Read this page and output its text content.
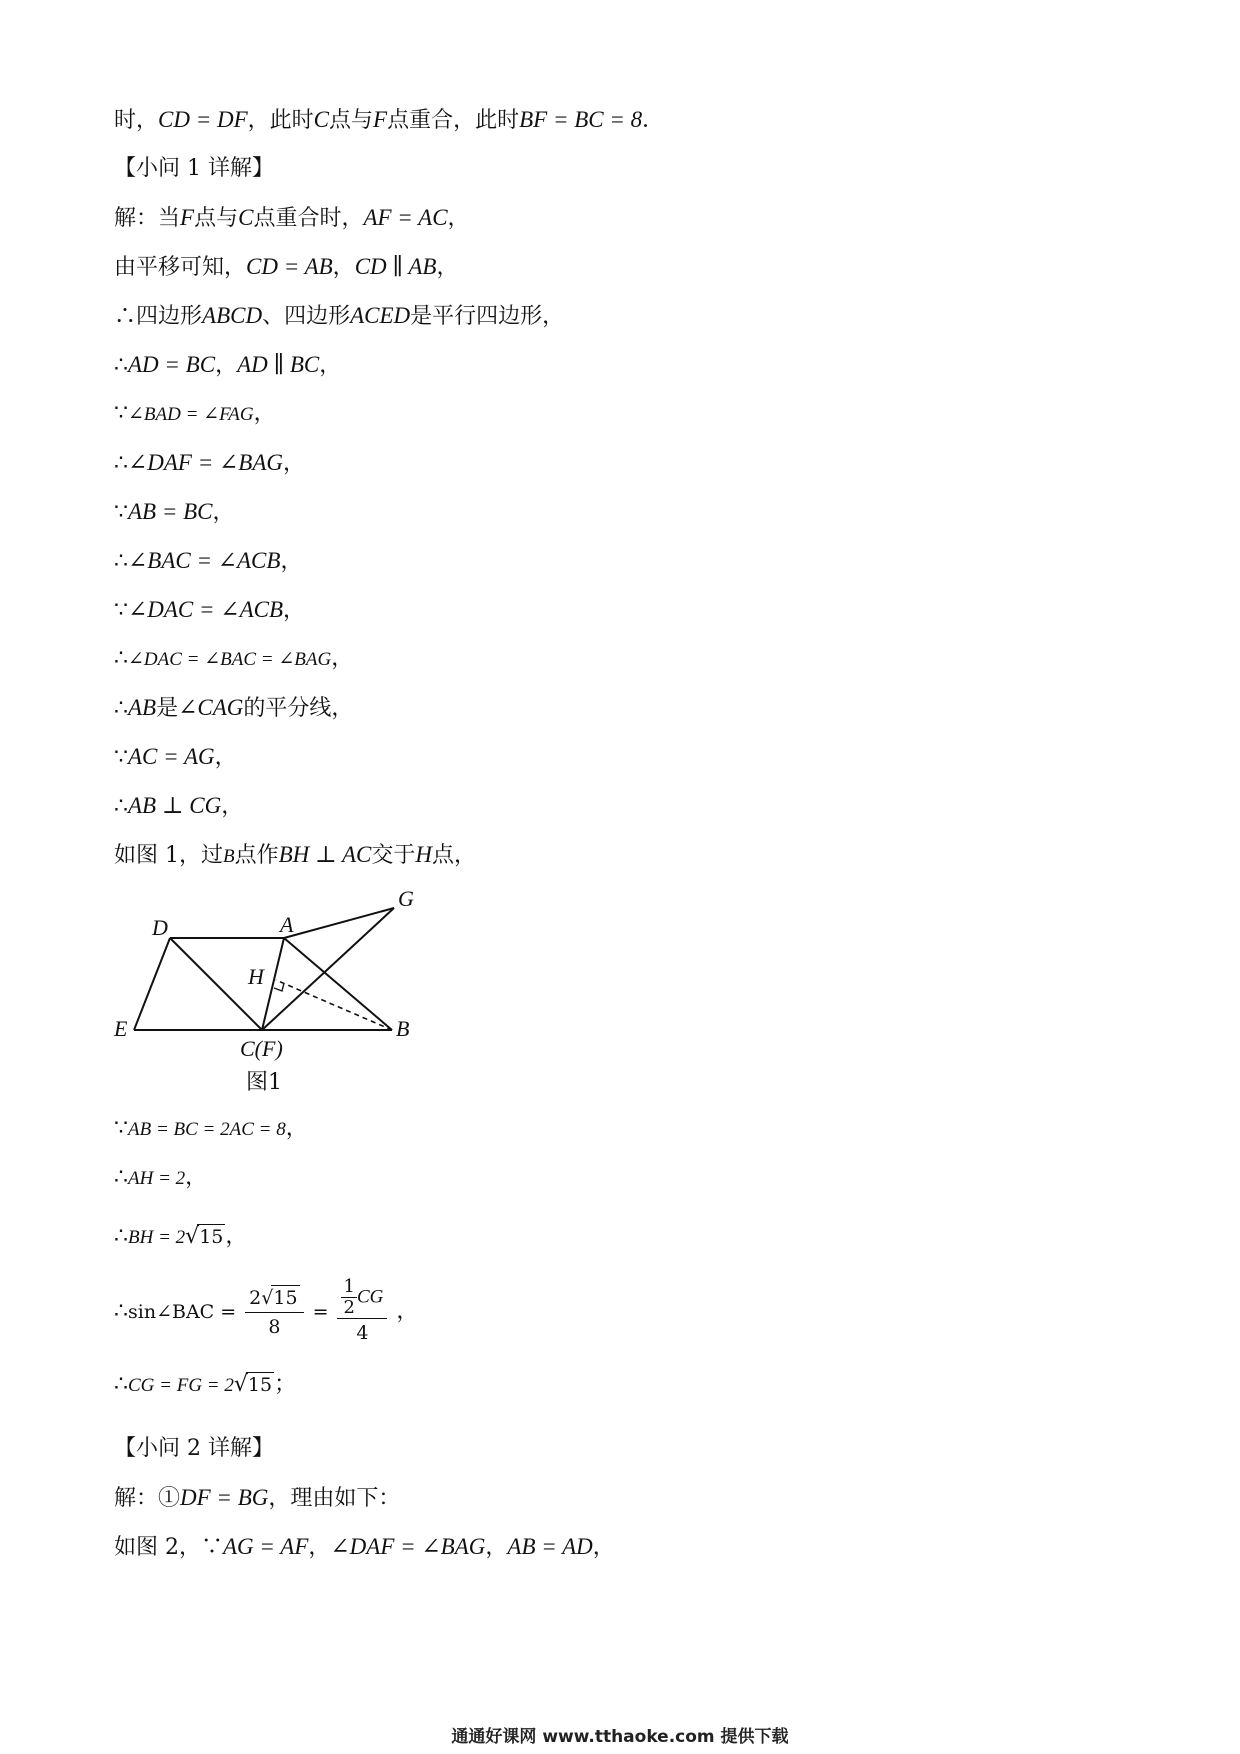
时，CD = DF，此时C点与F点重合，此时BF = BC = 8．

【小问 1 详解】

解：当F点与C点重合时，AF = AC，

由平移可知，CD = AB，CD ∥ AB，

∴四边形ABCD、四边形ACED是平行四边形，

∴AD = BC，AD ∥ BC，

∵∠BAD = ∠FAG，

∴∠DAF = ∠BAG，

∵AB = BC，

∴∠BAC = ∠ACB，

∵∠DAC = ∠ACB，

∴∠DAC = ∠BAC = ∠BAG，

∴AB是∠CAG的平分线，

∵AC = AG，

∴AB ⊥ CG，

如图 1，过B点作BH ⊥ AC交于H点，

D	A
G
H
E
C(F)
B
图1

∵AB = BC = 2AC = 8，

∴AH = 2，

∴BH = 2√15，

∴sin∠BAC = $\frac{2√15}{8} = \frac{\frac{1}{2} CG}{4}$ ，

∴CG = FG = 2√15；

【小问 2 详解】

解：①DF = BG，理由如下：

如图 2，∵AG = AF，∠DAF = ∠BAG，AB = AD，

通通好课网 www.tthaoke.com 提供下载
